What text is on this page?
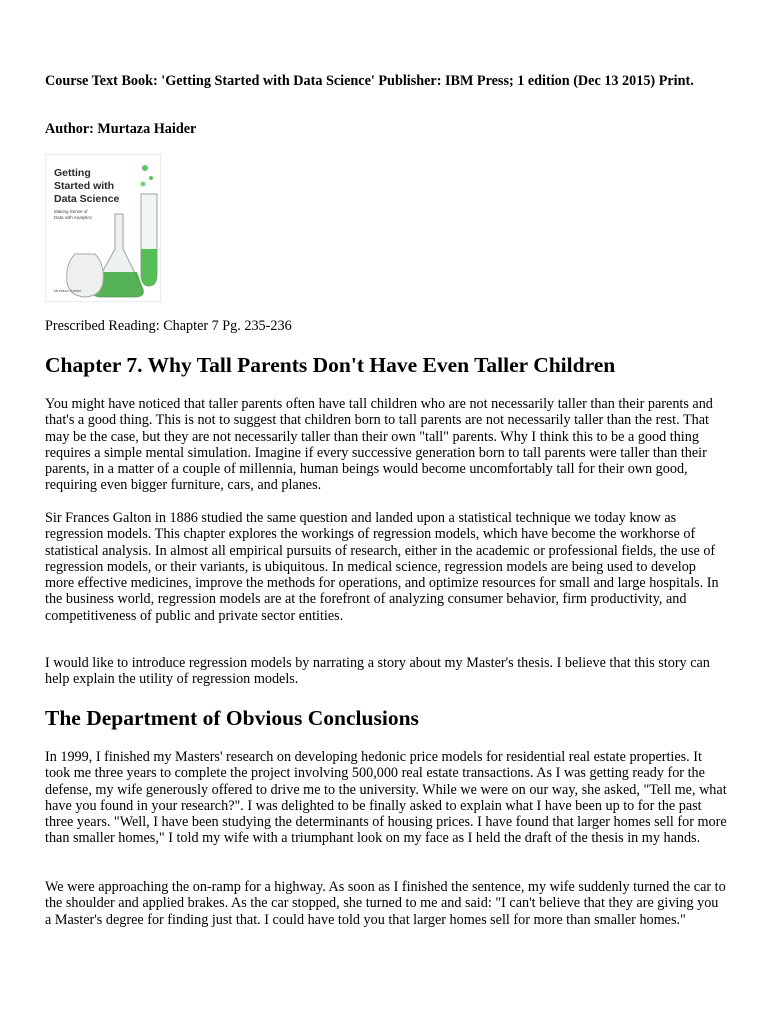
Course Text Book: 'Getting Started with Data Science' Publisher: IBM Press; 1 edition (Dec 13 2015) Print.

Author: Murtaza Haider

Getting
Started with
Data Science
Making Sense of
Data with Analytics
Murtaza Haider

Prescribed Reading: Chapter 7 Pg. 235-236

Chapter 7. Why Tall Parents Don't Have Even Taller Children

You might have noticed that taller parents often have tall children who are not necessarily taller than their parents and that's a good thing. This is not to suggest that children born to tall parents are not necessarily taller than the rest. That may be the case, but they are not necessarily taller than their own "tall" parents. Why I think this to be a good thing requires a simple mental simulation. Imagine if every successive generation born to tall parents were taller than their parents, in a matter of a couple of millennia, human beings would become uncomfortably tall for their own good, requiring even bigger furniture, cars, and planes.

Sir Frances Galton in 1886 studied the same question and landed upon a statistical technique we today know as regression models. This chapter explores the workings of regression models, which have become the workhorse of statistical analysis. In almost all empirical pursuits of research, either in the academic or professional fields, the use of regression models, or their variants, is ubiquitous. In medical science, regression models are being used to develop more effective medicines, improve the methods for operations, and optimize resources for small and large hospitals. In the business world, regression models are at the forefront of analyzing consumer behavior, firm productivity, and competitiveness of public and private sector entities.

I would like to introduce regression models by narrating a story about my Master's thesis. I believe that this story can help explain the utility of regression models.

The Department of Obvious Conclusions

In 1999, I finished my Masters' research on developing hedonic price models for residential real estate properties. It took me three years to complete the project involving 500,000 real estate transactions. As I was getting ready for the defense, my wife generously offered to drive me to the university. While we were on our way, she asked, "Tell me, what have you found in your research?". I was delighted to be finally asked to explain what I have been up to for the past three years. "Well, I have been studying the determinants of housing prices. I have found that larger homes sell for more than smaller homes," I told my wife with a triumphant look on my face as I held the draft of the thesis in my hands.

We were approaching the on-ramp for a highway. As soon as I finished the sentence, my wife suddenly turned the car to the shoulder and applied brakes. As the car stopped, she turned to me and said: "I can't believe that they are giving you a Master's degree for finding just that. I could have told you that larger homes sell for more than smaller homes."
